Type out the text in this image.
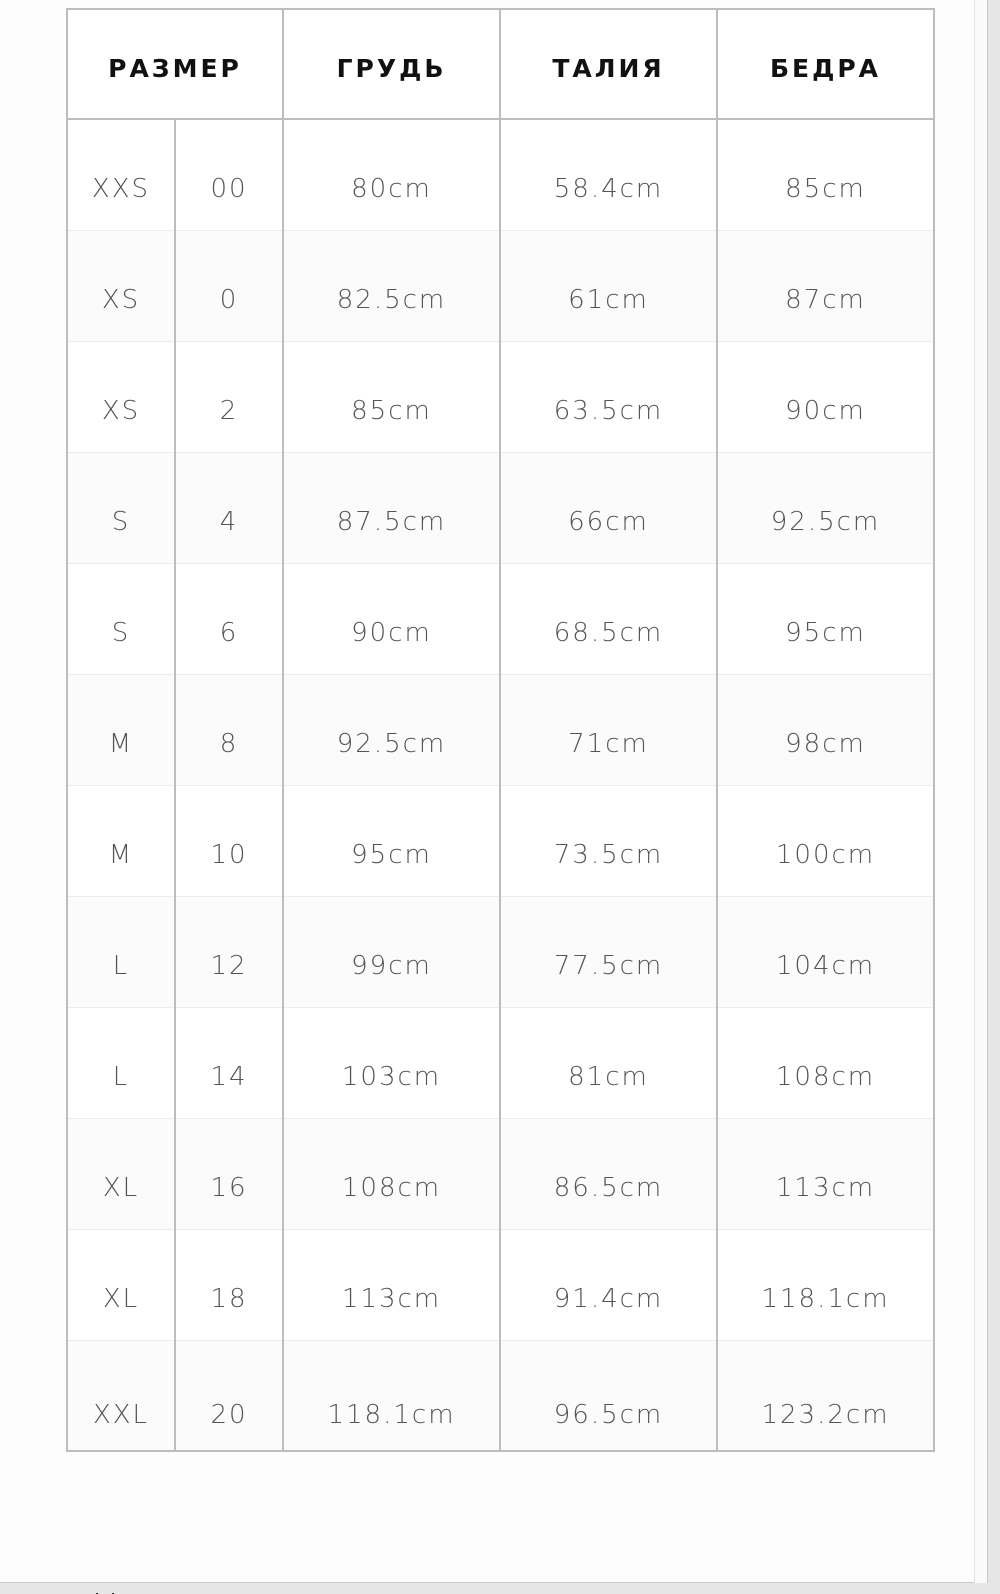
РАЗМЕР		ГРУДЬ	ТАЛИЯ	БЕДРА
XXS	00	80cm	58.4cm	85cm
XS	0	82.5cm	61cm	87cm
XS	2	85cm	63.5cm	90cm
S	4	87.5cm	66cm	92.5cm
S	6	90cm	68.5cm	95cm
M	8	92.5cm	71cm	98cm
M	10	95cm	73.5cm	100cm
L	12	99cm	77.5cm	104cm
L	14	103cm	81cm	108cm
XL	16	108cm	86.5cm	113cm
XL	18	113cm	91.4cm	118.1cm
XXL	20	118.1cm	96.5cm	123.2cm
